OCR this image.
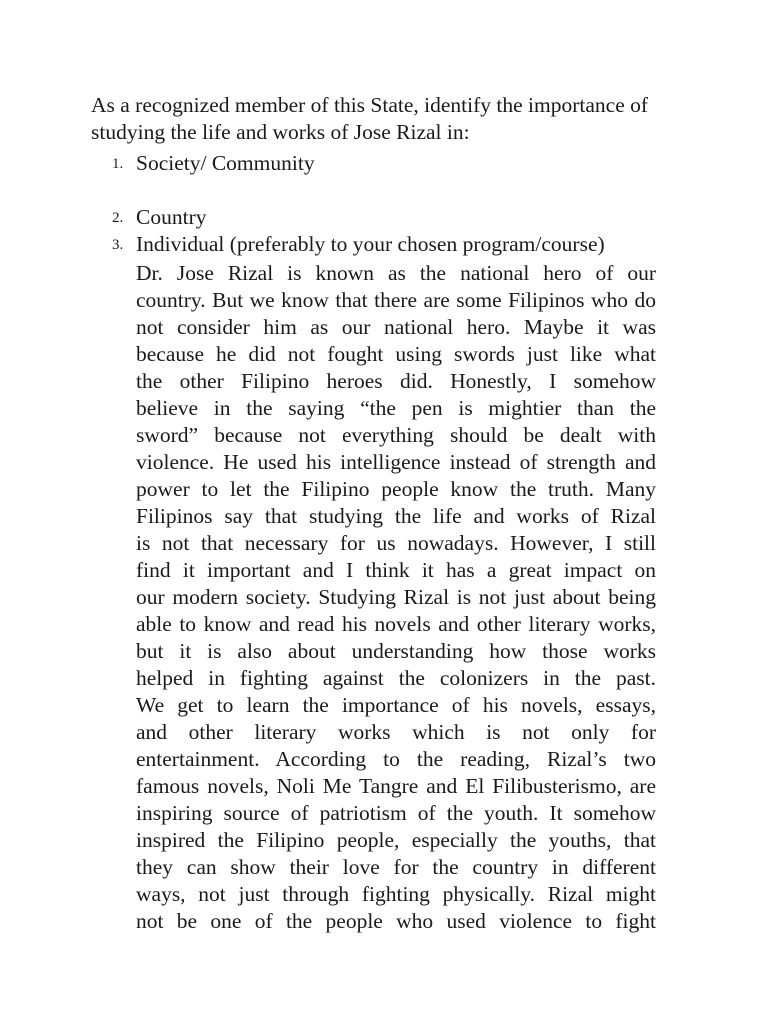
As a recognized member of this State, identify the importance of
studying the life and works of Jose Rizal in:

1. Society/ Community
2. Country
3. Individual (preferably to your chosen program/course)
Dr. Jose Rizal is known as the national hero of our
country. But we know that there are some Filipinos who do
not consider him as our national hero. Maybe it was
because he did not fought using swords just like what
the other Filipino heroes did. Honestly, I somehow
believe in the saying “the pen is mightier than the
sword” because not everything should be dealt with
violence. He used his intelligence instead of strength and
power to let the Filipino people know the truth. Many
Filipinos say that studying the life and works of Rizal
is not that necessary for us nowadays. However, I still
find it important and I think it has a great impact on
our modern society. Studying Rizal is not just about being
able to know and read his novels and other literary works,
but it is also about understanding how those works
helped in fighting against the colonizers in the past.
We get to learn the importance of his novels, essays,
and other literary works which is not only for
entertainment. According to the reading, Rizal’s two
famous novels, Noli Me Tangre and El Filibusterismo, are
inspiring source of patriotism of the youth. It somehow
inspired the Filipino people, especially the youths, that
they can show their love for the country in different
ways, not just through fighting physically. Rizal might
not be one of the people who used violence to fight
